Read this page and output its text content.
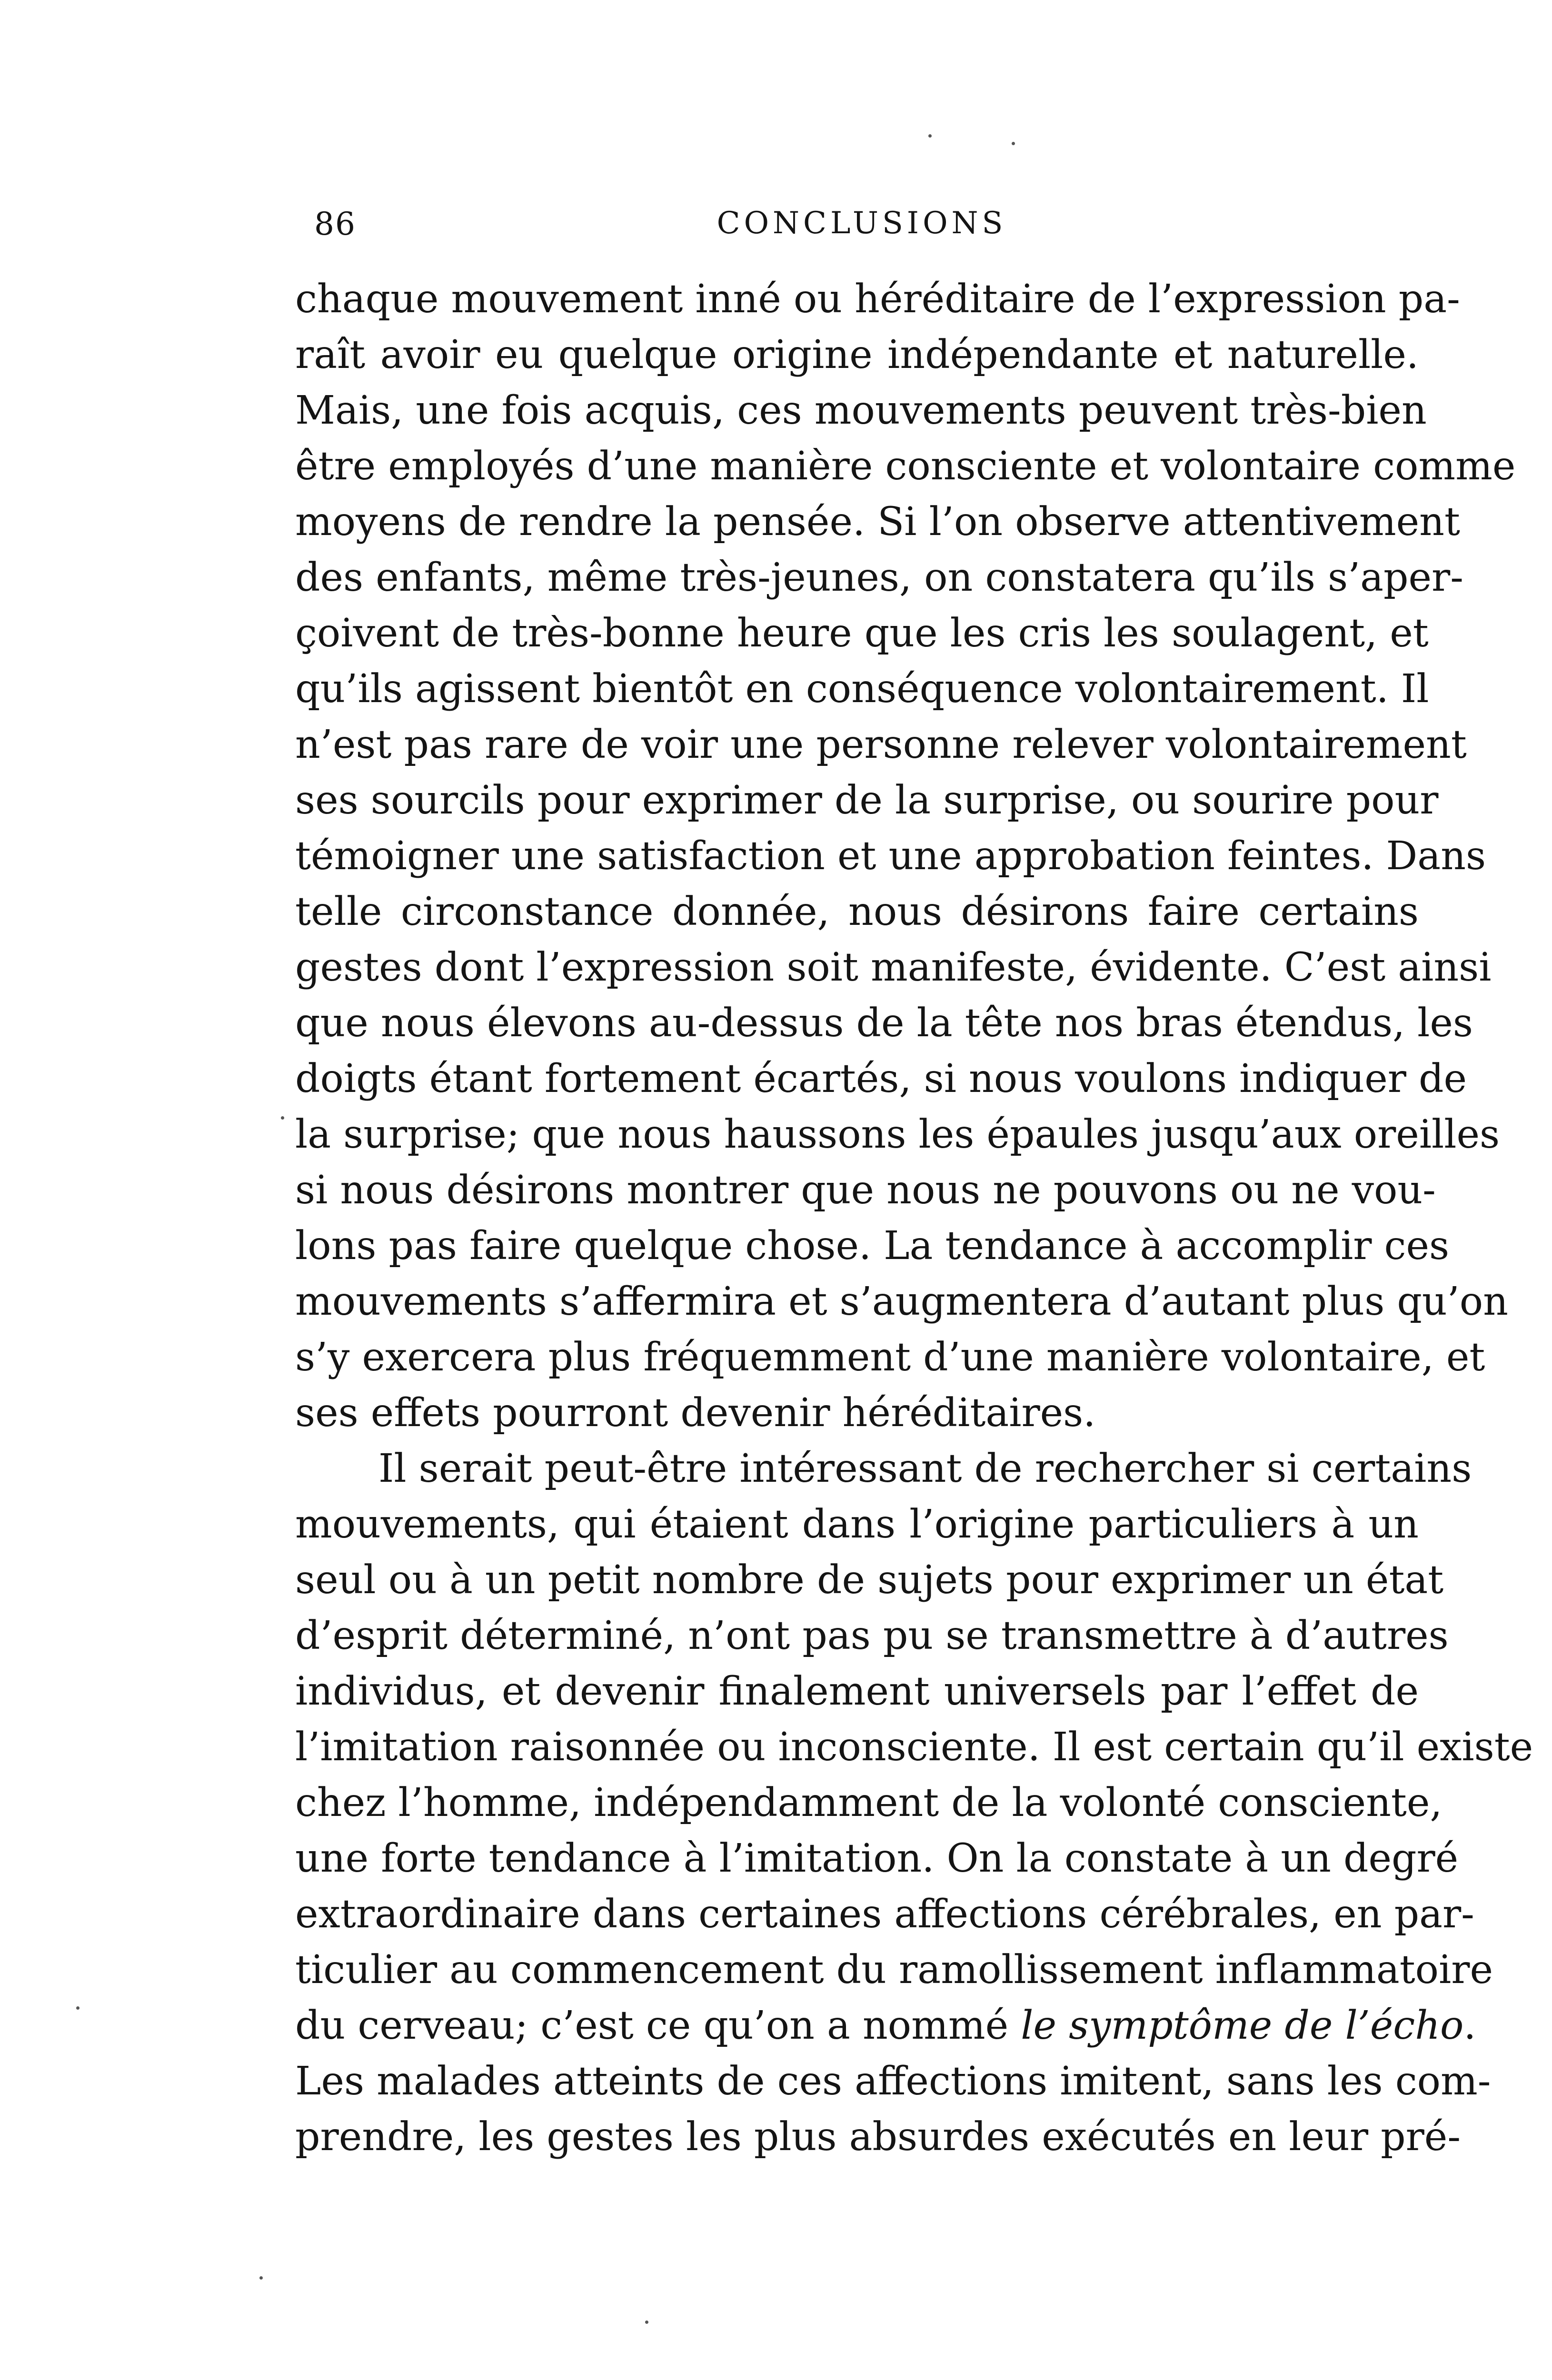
86	CONCLUSIONS
chaque mouvement inné ou héréditaire de l’expression pa-
raît avoir eu quelque origine indépendante et naturelle.
Mais, une fois acquis, ces mouvements peuvent très-bien
être employés d’une manière consciente et volontaire comme
moyens de rendre la pensée. Si l’on observe attentivement
des enfants, même très-jeunes, on constatera qu’ils s’aper-
çoivent de très-bonne heure que les cris les soulagent, et
qu’ils agissent bientôt en conséquence volontairement. Il
n’est pas rare de voir une personne relever volontairement
ses sourcils pour exprimer de la surprise, ou sourire pour
témoigner une satisfaction et une approbation feintes. Dans
telle circonstance donnée, nous désirons faire certains
gestes dont l’expression soit manifeste, évidente. C’est ainsi
que nous élevons au-dessus de la tête nos bras étendus, les
doigts étant fortement écartés, si nous voulons indiquer de
la surprise; que nous haussons les épaules jusqu’aux oreilles
si nous désirons montrer que nous ne pouvons ou ne vou-
lons pas faire quelque chose. La tendance à accomplir ces
mouvements s’affermira et s’augmentera d’autant plus qu’on
s’y exercera plus fréquemment d’une manière volontaire, et
ses effets pourront devenir héréditaires.
Il serait peut-être intéressant de rechercher si certains
mouvements, qui étaient dans l’origine particuliers à un
seul ou à un petit nombre de sujets pour exprimer un état
d’esprit déterminé, n’ont pas pu se transmettre à d’autres
individus, et devenir finalement universels par l’effet de
l’imitation raisonnée ou inconsciente. Il est certain qu’il existe
chez l’homme, indépendamment de la volonté consciente,
une forte tendance à l’imitation. On la constate à un degré
extraordinaire dans certaines affections cérébrales, en par-
ticulier au commencement du ramollissement inflammatoire
du cerveau; c’est ce qu’on a nommé le symptôme de l’écho.
Les malades atteints de ces affections imitent, sans les com-
prendre, les gestes les plus absurdes exécutés en leur pré-
